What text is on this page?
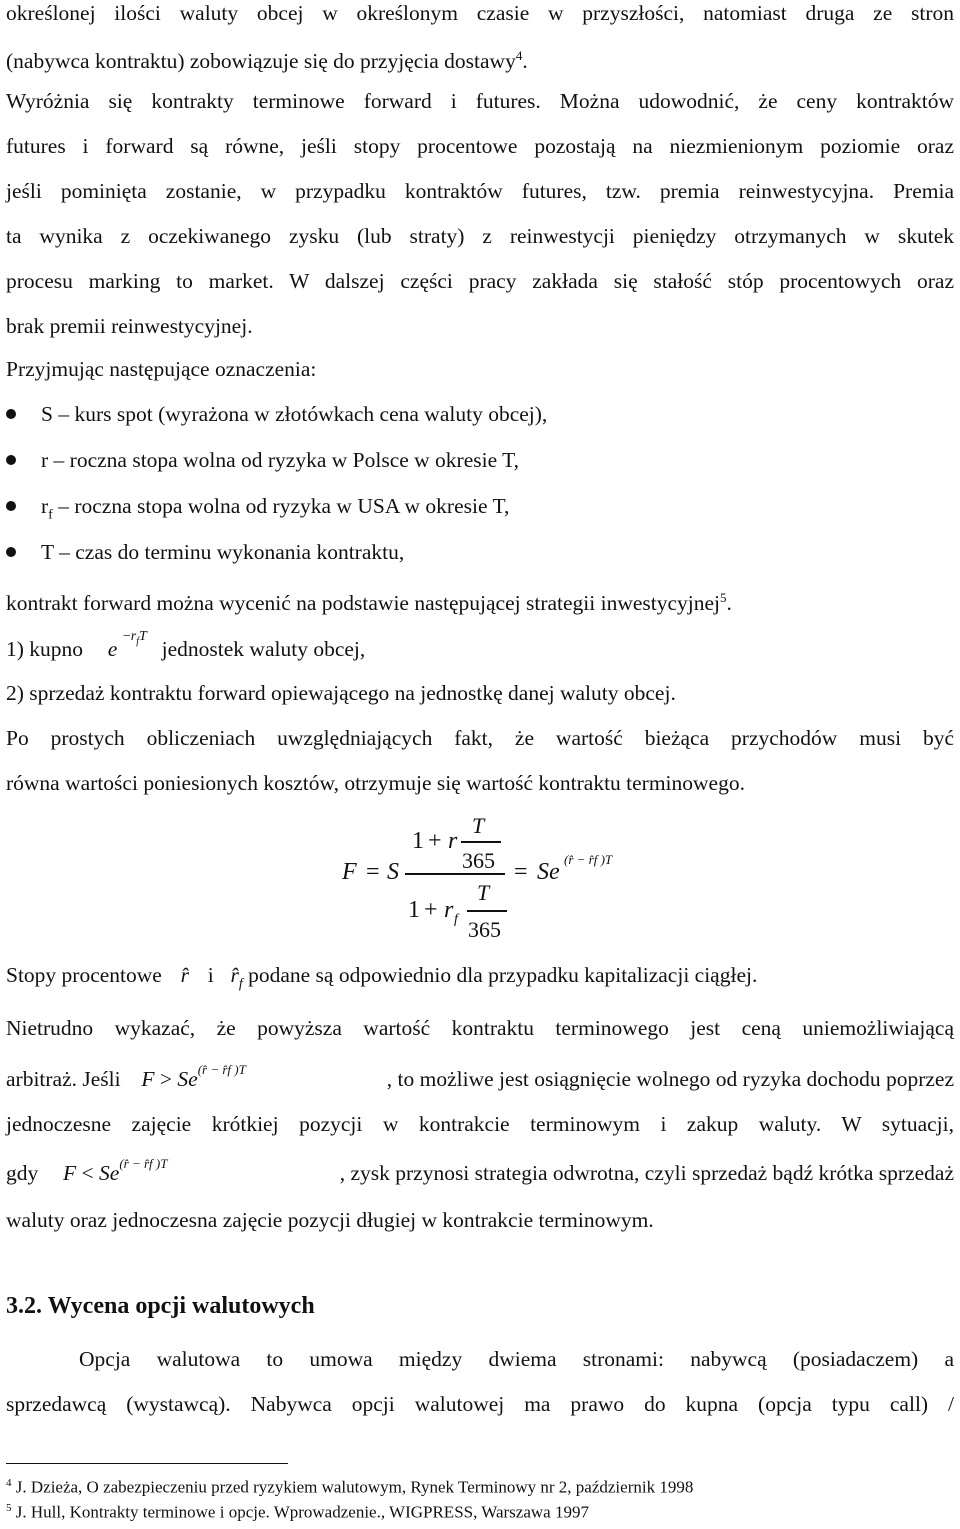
określonej ilości waluty obcej w określonym czasie w przyszłości, natomiast druga ze stron
(nabywca kontraktu) zobowiązuje się do przyjęcia dostawy$^4$.
Wyróżnia się kontrakty terminowe forward i futures. Można udowodnić, że ceny kontraktów
futures i forward są równe, jeśli stopy procentowe pozostają na niezmienionym poziomie oraz
jeśli pominięta zostanie, w przypadku kontraktów futures, tzw. premia reinwestycyjna. Premia
ta wynika z oczekiwanego zysku (lub straty) z reinwestycji pieniędzy otrzymanych w skutek
procesu marking to market. W dalszej części pracy zakłada się stałość stóp procentowych oraz
brak premii reinwestycyjnej.
Przyjmując następujące oznaczenia:
S – kurs spot (wyrażona w złotówkach cena waluty obcej),
r – roczna stopa wolna od ryzyka w Polsce w okresie T,
$r_f$ – roczna stopa wolna od ryzyka w USA w okresie T,
T – czas do terminu wykonania kontraktu,
kontrakt forward można wycenić na podstawie następującej strategii inwestycyjnej$^5$.
1) kupno e $^{-r_fT}$  jednostek waluty obcej,
2) sprzedaż kontraktu forward opiewającego na jednostkę danej waluty obcej.
Po prostych obliczeniach uwzględniających fakt, że wartość bieżąca przychodów musi być
równa wartości poniesionych kosztów, otrzymuje się wartość kontraktu terminowego.
F = S
1 + r
T
365
T
1 + r f 365
= Se (r̂ − r̂f )T
Stopy procentowe r̂ i $r̂_f$ podane są odpowiednio dla przypadku kapitalizacji ciągłej.
Nietrudno wykazać, że powyższa wartość kontraktu terminowego jest ceną uniemożliwiającą
arbitraż. Jeśli $F > Se^{(r̂ - r̂f )T}$	, to możliwe jest osiągnięcie wolnego od ryzyka dochodu poprzez
jednoczesne zajęcie krótkiej pozycji w kontrakcie terminowym i zakup waluty. W sytuacji,
gdy $F < Se^{(r̂ - r̂f )T}$	, zysk przynosi strategia odwrotna, czyli sprzedaż bądź krótka sprzedaż
waluty oraz jednoczesna zajęcie pozycji długiej w kontrakcie terminowym.
3.2. Wycena opcji walutowych
Opcja walutowa to umowa między dwiema stronami: nabywcą (posiadaczem) a
sprzedawcą (wystawcą). Nabywca opcji walutowej ma prawo do kupna (opcja typu call) /
$^4$ J. Dzieża, O zabezpieczeniu przed ryzykiem walutowym, Rynek Terminowy nr 2, październik 1998
$^5$ J. Hull, Kontrakty terminowe i opcje. Wprowadzenie., WIGPRESS, Warszawa 1997
